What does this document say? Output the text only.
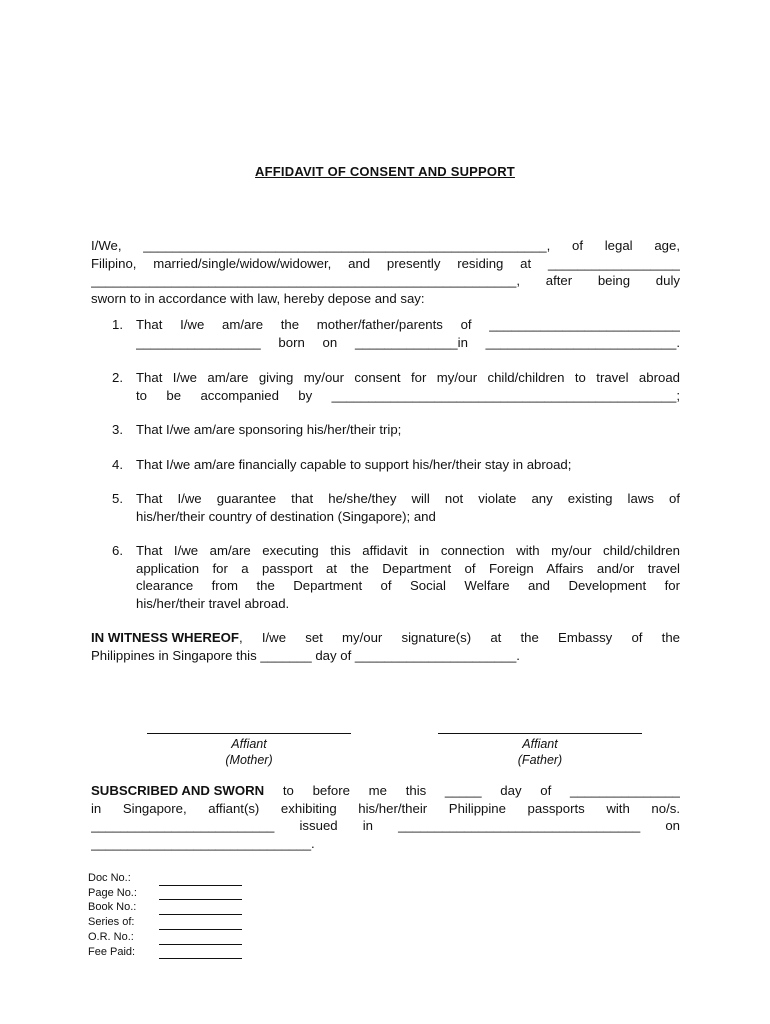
AFFIDAVIT OF CONSENT AND SUPPORT
I/We, _______________________________________________________, of legal age,
Filipino, married/single/widow/widower, and presently residing at __________________
__________________________________________________________, after being duly
sworn to in accordance with law, hereby depose and say:
1. That I/we am/are the mother/father/parents of __________________________
_________________ born on ______________in __________________________.
2. That I/we am/are giving my/our consent for my/our child/children to travel abroad
to be accompanied by _______________________________________________;
3. That I/we am/are sponsoring his/her/their trip;
4. That I/we am/are financially capable to support his/her/their stay in abroad;
5. That I/we guarantee that he/she/they will not violate any existing laws of
his/her/their country of destination (Singapore); and
6. That I/we am/are executing this affidavit in connection with my/our child/children
application for a passport at the Department of Foreign Affairs and/or travel
clearance from the Department of Social Welfare and Development for
his/her/their travel abroad.
IN WITNESS WHEREOF , I/we set my/our signature(s) at the Embassy of the
Philippines in Singapore this _______ day of ______________________.
Affiant
(Mother)
Affiant
(Father)
SUBSCRIBED AND SWORN to before me this _____ day of _______________
in Singapore, affiant(s) exhibiting his/her/their Philippine passports with no/s.
_________________________ issued in _________________________________ on
______________________________.
Doc No.:
Page No.:
Book No.:
Series of:
O.R. No.:
Fee Paid:
